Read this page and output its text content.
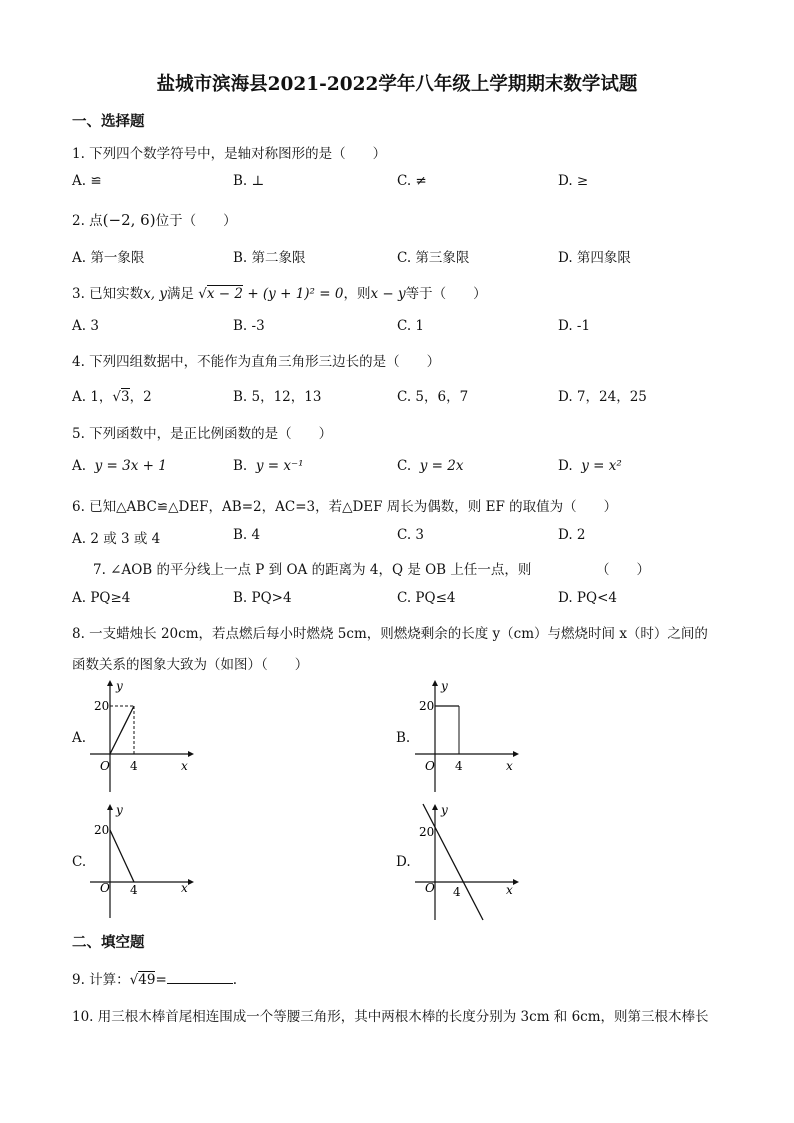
盐城市滨海县2021-2022学年八年级上学期期末数学试题
一、选择题
1. 下列四个数学符号中，是轴对称图形的是（　　）
A. ≌	B. ⊥	C. ≠	D. ≥
2. 点(−2, 6)位于（　　）
A. 第一象限	B. 第二象限	C. 第三象限	D. 第四象限
3. 已知实数x, y满足 √x − 2 + (y + 1)² = 0，则x − y等于（　　）
A. 3	B. -3	C. 1	D. -1
4. 下列四组数据中，不能作为直角三角形三边长的是（　　）
A. 1，√3，2	B. 5，12，13	C. 5，6，7	D. 7，24，25
5. 下列函数中，是正比例函数的是（　　）
A. y = 3x + 1	B. y = x⁻¹	C. y = 2x	D. y = x²
6. 已知△ABC≌△DEF，AB=2，AC=3，若△DEF 周长为偶数，则 EF 的取值为（　　）
A. 2 或 3 或 4	B. 4	C. 3	D. 2
7. ∠AOB 的平分线上一点 P 到 OA 的距离为 4，Q 是 OB 上任一点，则	（　　）
A. PQ≥4	B. PQ>4	C. PQ≤4	D. PQ<4
8. 一支蜡烛长 20cm，若点燃后每小时燃烧 5cm，则燃烧剩余的长度 y（cm）与燃烧时间 x（时）之间的
函数关系的图象大致为（如图）（　　）
A.
y
20
O 4	x
B.
y
20
O 4	x
C.
y
20
O 4	x
D.
y
20
O 4	x
二、填空题
9. 计算：√49=	.
10. 用三根木棒首尾相连围成一个等腰三角形，其中两根木棒的长度分别为 3cm 和 6cm，则第三根木棒长
